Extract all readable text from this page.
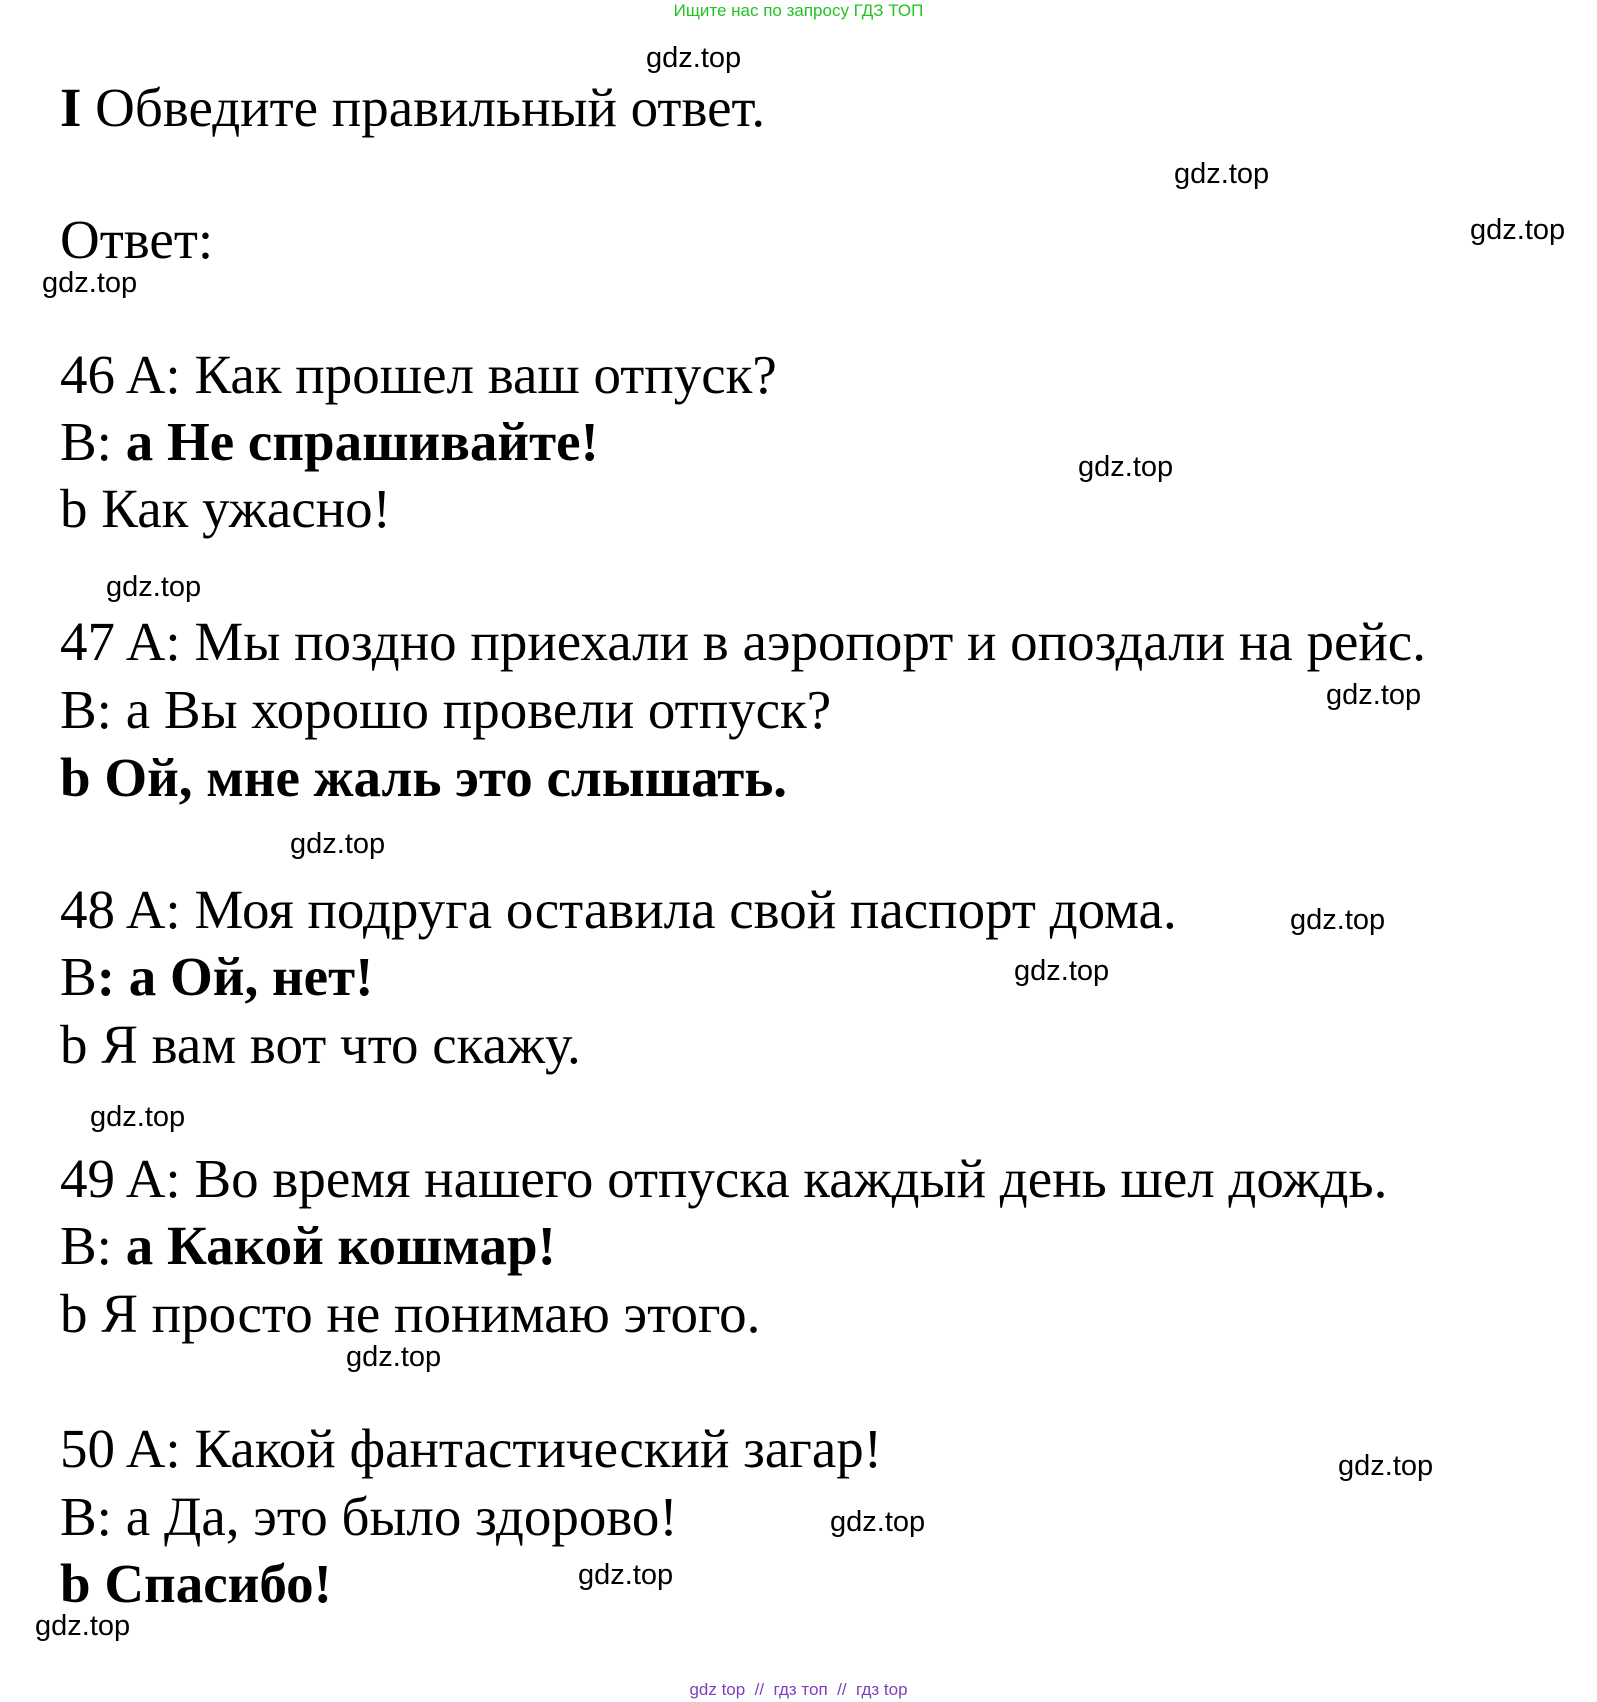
Ищите нас по запросу ГДЗ ТОП
I Обведите правильный ответ.
Ответ:
46 A: Как прошел ваш отпуск?
B: a Не спрашивайте!
b Как ужасно!
47 A: Мы поздно приехали в аэропорт и опоздали на рейс.
B: a Вы хорошо провели отпуск?
b Ой, мне жаль это слышать.
48 A: Моя подруга оставила свой паспорт дома.
B: a Ой, нет!
b Я вам вот что скажу.
49 A: Во время нашего отпуска каждый день шел дождь.
B: a Какой кошмар!
b Я просто не понимаю этого.
50 A: Какой фантастический загар!
B: a Да, это было здорово!
b Спасибо!
gdz.top
gdz.top
gdz.top
gdz.top
gdz.top
gdz.top
gdz.top
gdz.top
gdz.top
gdz.top
gdz.top
gdz.top
gdz.top
gdz.top
gdz.top
gdz.top
gdz top  //  гдз топ  //  гдз top
